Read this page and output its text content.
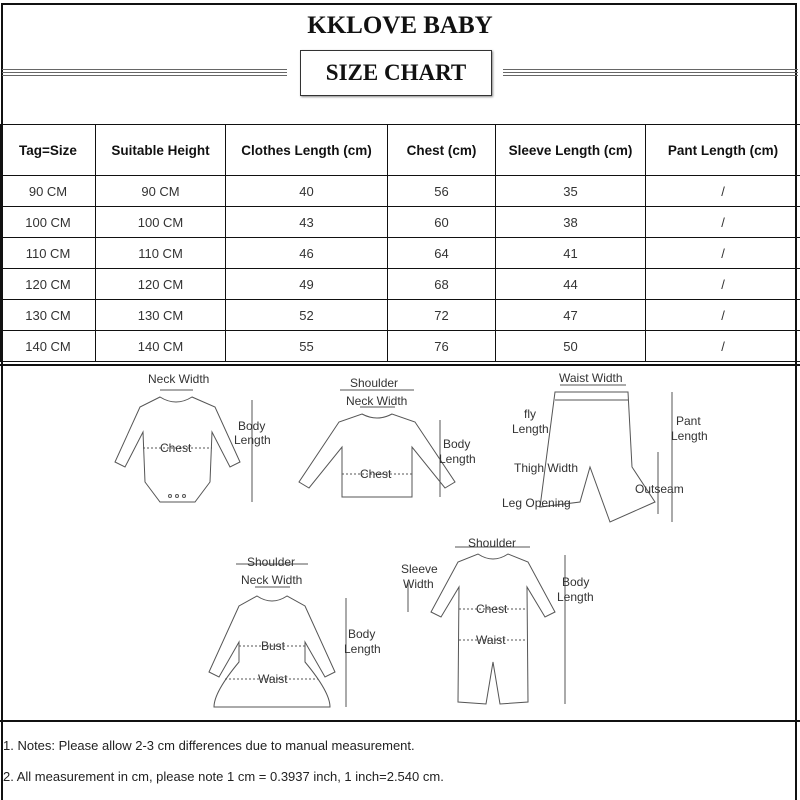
KKLOVE BABY
SIZE CHART
Tag=Size	Suitable Height	Clothes Length (cm)	Chest (cm)	Sleeve Length (cm)	Pant Length (cm)
90 CM	90 CM	40	56	35	/
100 CM	100 CM	43	60	38	/
110 CM	110 CM	46	64	41	/
120 CM	120 CM	49	68	44	/
130 CM	130 CM	52	72	47	/
140 CM	140 CM	55	76	50	/
Neck Width
Body
Length
Chest
Shoulder
Neck Width
Body
Length
Chest
Waist Width
fly
Length
Pant
Length
Thigh Width
Outseam
Leg Opening
Shoulder
Neck Width
Bust
Body
Length
Waist
Shoulder
Sleeve
Width
Chest
Body
Length
Waist
1. Notes: Please allow 2-3 cm differences due to manual measurement.
2. All measurement in cm, please note 1 cm = 0.3937 inch, 1 inch=2.540 cm.
